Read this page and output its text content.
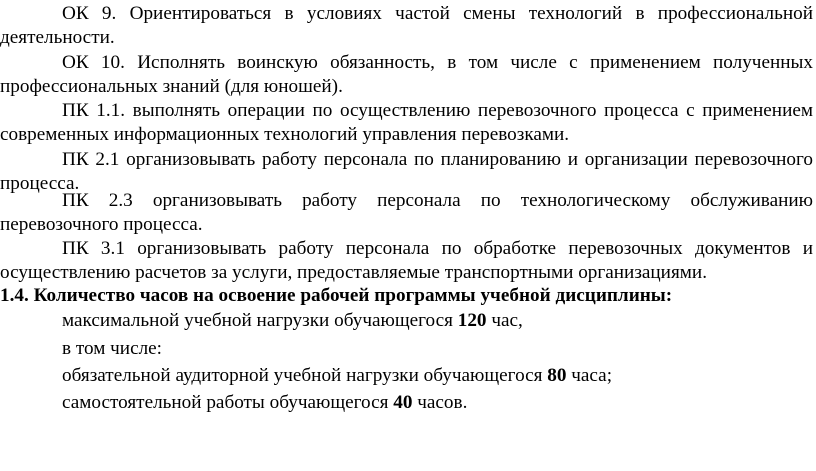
ОК 9. Ориентироваться в условиях частой смены технологий в профессиональной деятельности.

ОК 10. Исполнять воинскую обязанность, в том числе с применением полученных профессиональных знаний (для юношей).

ПК 1.1. выполнять операции по осуществлению перевозочного процесса с применением современных информационных технологий управления перевозками.

ПК 2.1 организовывать работу персонала по планированию и организации перевозочного процесса.

ПК 2.3 организовывать работу персонала по технологическому обслуживанию перевозочного процесса.

ПК 3.1 организовывать работу персонала по обработке перевозочных документов и осуществлению расчетов за услуги, предоставляемые транспортными организациями.

1.4. Количество часов на освоение рабочей программы учебной дисциплины:

максимальной учебной нагрузки обучающегося 120 час,

в том числе:

обязательной аудиторной учебной нагрузки обучающегося 80 часа;

самостоятельной работы обучающегося 40 часов.
